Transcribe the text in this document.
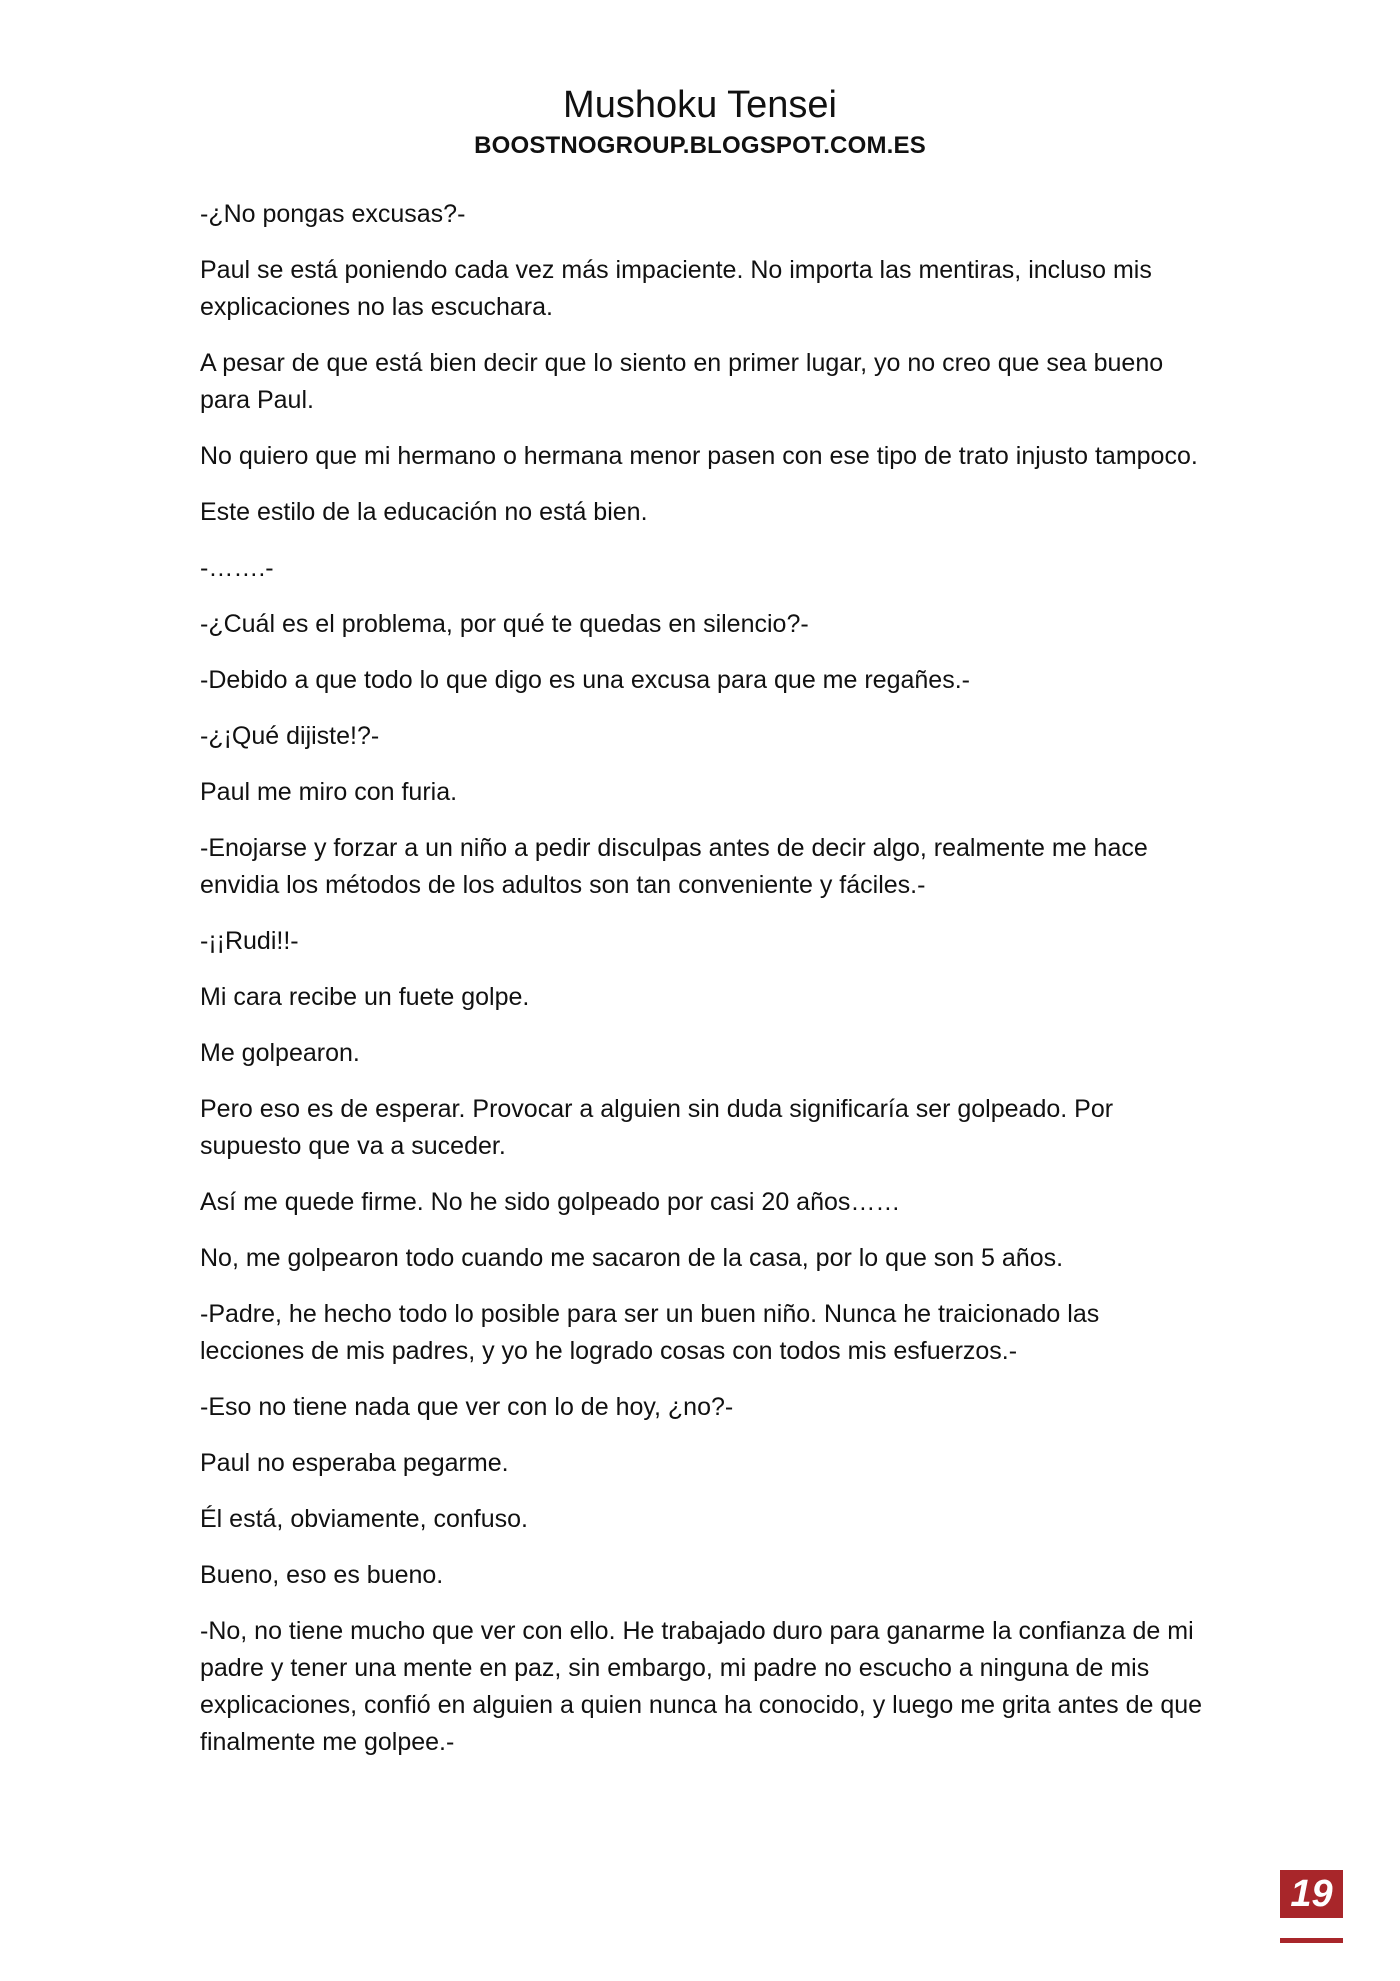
Mushoku Tensei
BOOSTNOGROUP.BLOGSPOT.COM.ES

-¿No pongas excusas?-

Paul se está poniendo cada vez más impaciente. No importa las mentiras, incluso mis explicaciones no las escuchara.

A pesar de que está bien decir que lo siento en primer lugar, yo no creo que sea bueno para Paul.

No quiero que mi hermano o hermana menor pasen con ese tipo de trato injusto tampoco.

Este estilo de la educación no está bien.

-…….-

-¿Cuál es el problema, por qué te quedas en silencio?-

-Debido a que todo lo que digo es una excusa para que me regañes.-

-¿¡Qué dijiste!?-

Paul me miro con furia.

-Enojarse y forzar a un niño a pedir disculpas antes de decir algo, realmente me hace envidia los métodos de los adultos son tan conveniente y fáciles.-

-¡¡Rudi!!-

Mi cara recibe un fuete golpe.

Me golpearon.

Pero eso es de esperar. Provocar a alguien sin duda significaría ser golpeado. Por supuesto que va a suceder.

Así me quede firme. No he sido golpeado por casi 20 años……

No, me golpearon todo cuando me sacaron de la casa, por lo que son 5 años.

-Padre, he hecho todo lo posible para ser un buen niño. Nunca he traicionado las lecciones de mis padres, y yo he logrado cosas con todos mis esfuerzos.-

-Eso no tiene nada que ver con lo de hoy, ¿no?-

Paul no esperaba pegarme.

Él está, obviamente, confuso.

Bueno, eso es bueno.

-No, no tiene mucho que ver con ello. He trabajado duro para ganarme la confianza de mi padre y tener una mente en paz, sin embargo, mi padre no escucho a ninguna de mis explicaciones, confió en alguien a quien nunca ha conocido, y luego me grita antes de que finalmente me golpee.-

19
